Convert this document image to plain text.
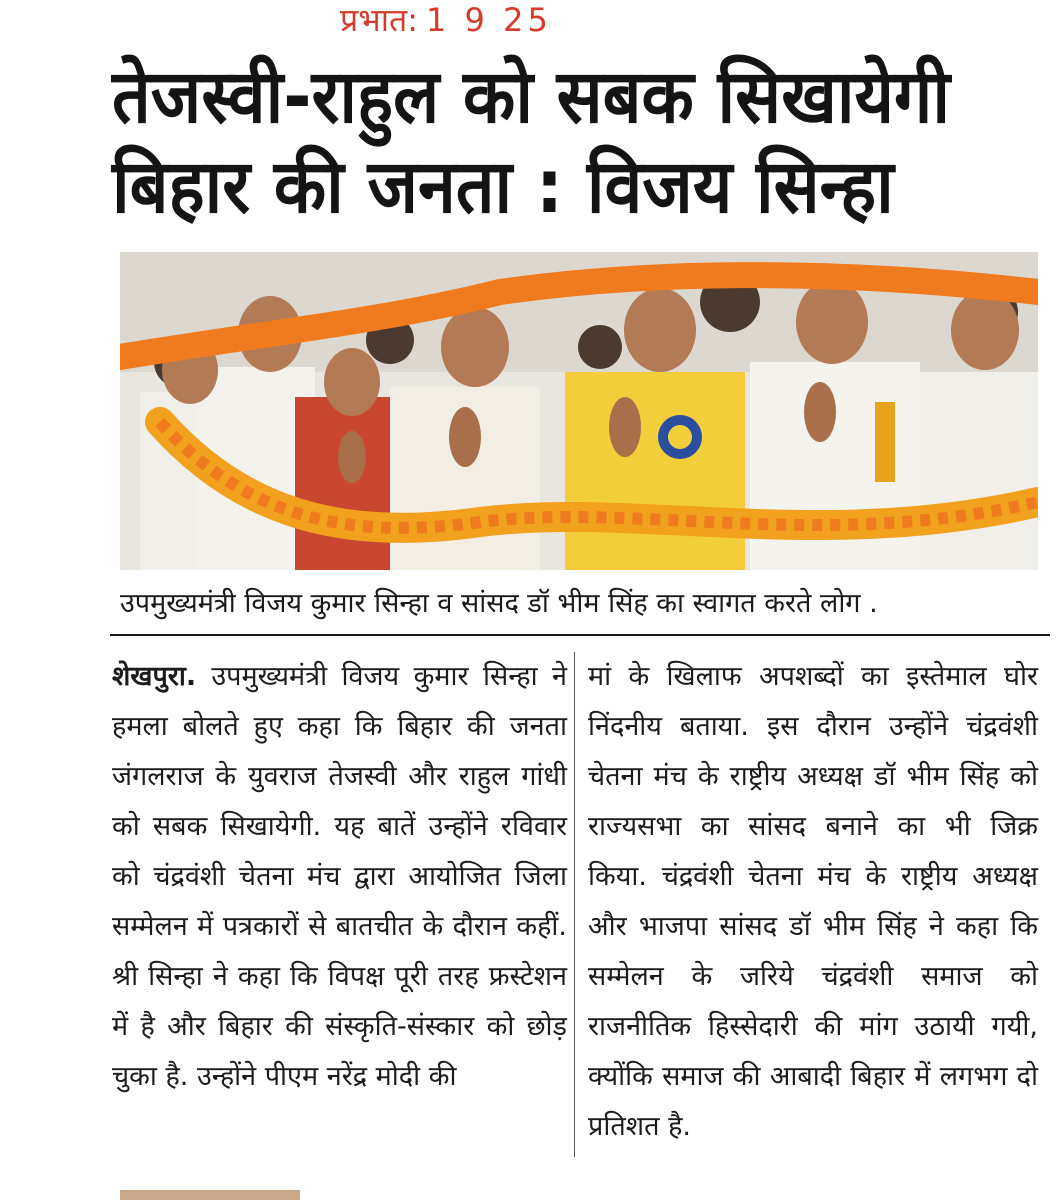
प्रभात: 1 9 25
तेजस्वी-राहुल को सबक सिखायेगी
बिहार की जनता : विजय सिन्हा
उपमुख्यमंत्री विजय कुमार सिन्हा व सांसद डॉ भीम सिंह का स्वागत करते लोग .
शेखपुरा. उपमुख्यमंत्री विजय कुमार सिन्हा ने हमला बोलते हुए कहा कि बिहार की जनता जंगलराज के युवराज तेजस्वी और राहुल गांधी को सबक सिखायेगी. यह बातें उन्होंने रविवार को चंद्रवंशी चेतना मंच द्वारा आयोजित जिला सम्मेलन में पत्रकारों से बातचीत के दौरान कहीं. श्री सिन्हा ने कहा कि विपक्ष पूरी तरह फ्रस्टेशन में है और बिहार की संस्कृति-संस्कार को छोड़ चुका है. उन्होंने पीएम नरेंद्र मोदी की
मां के खिलाफ अपशब्दों का इस्तेमाल घोर निंदनीय बताया. इस दौरान उन्होंने चंद्रवंशी चेतना मंच के राष्ट्रीय अध्यक्ष डॉ भीम सिंह को राज्यसभा का सांसद बनाने का भी जिक्र किया. चंद्रवंशी चेतना मंच के राष्ट्रीय अध्यक्ष और भाजपा सांसद डॉ भीम सिंह ने कहा कि सम्मेलन के जरिये चंद्रवंशी समाज को राजनीतिक हिस्सेदारी की मांग उठायी गयी, क्योंकि समाज की आबादी बिहार में लगभग दो प्रतिशत है.
